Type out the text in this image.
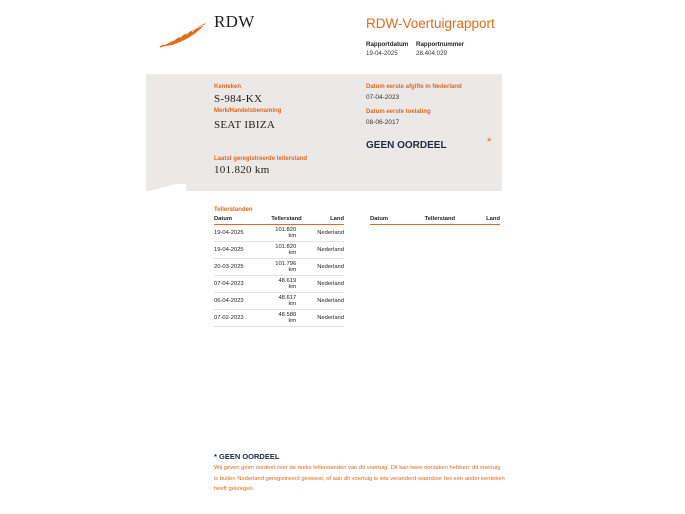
RDW	RDW-Voertuigrapport
Rapportdatum
19-04-2025
Rapportnummer
28.404.029
Kenteken
S-984-KX
Merk/Handelsbenaming
SEAT IBIZA
Laatst geregistreerde tellerstand
101.820 km
Datum eerste afgifte in Nederland
07-04-2023
Datum eerste toelating
08-06-2017
GEEN OORDEEL	*
Tellerstanden
Datum	Tellerstand	Land
19-04-2025	101.820 km	Nederland
19-04-2025	101.820 km	Nederland
20-03-2025	101.796 km	Nederland
07-04-2023	48.619 km	Nederland
06-04-2023	48.617 km	Nederland
07-02-2023	48.580 km	Nederland
Datum	Tellerstand	Land
* GEEN OORDEEL
Wij geven geen oordeel over de reeks tellerstanden van dit voertuig. Dit kan twee oorzaken hebben: dit voertuig is buiten Nederland geregistreerd geweest, of aan dit voertuig is iets veranderd waardoor het een ander kenteken heeft gekregen.
